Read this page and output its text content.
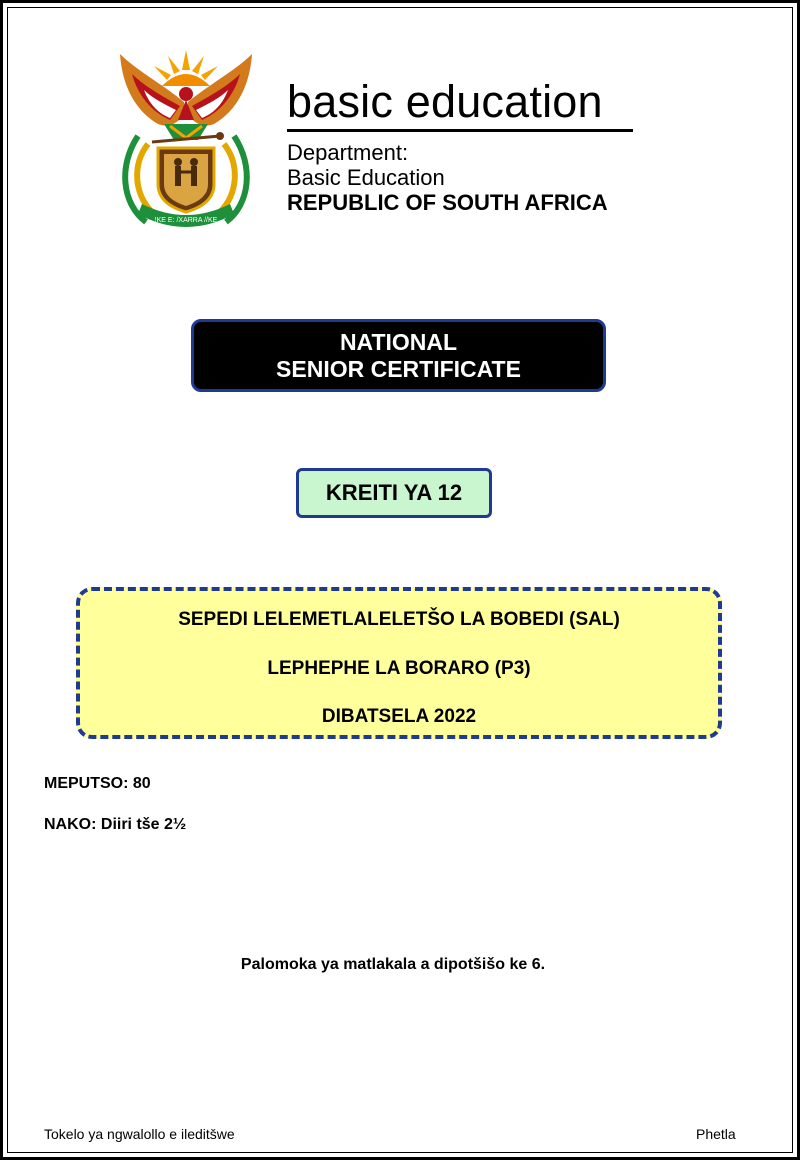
!KE E: /XARRA //KE
basic education
Department:
Basic Education
REPUBLIC OF SOUTH AFRICA
NATIONAL
SENIOR CERTIFICATE
KREITI YA 12
SEPEDI LELEMETLALELETŠO LA BOBEDI (SAL)
LEPHEPHE LA BORARO (P3)
DIBATSELA 2022
MEPUTSO: 80
NAKO: Diiri tše 2½
Palomoka ya matlakala a dipotšišo ke 6.
Tokelo ya ngwalollo e ileditšwe	Phetla
